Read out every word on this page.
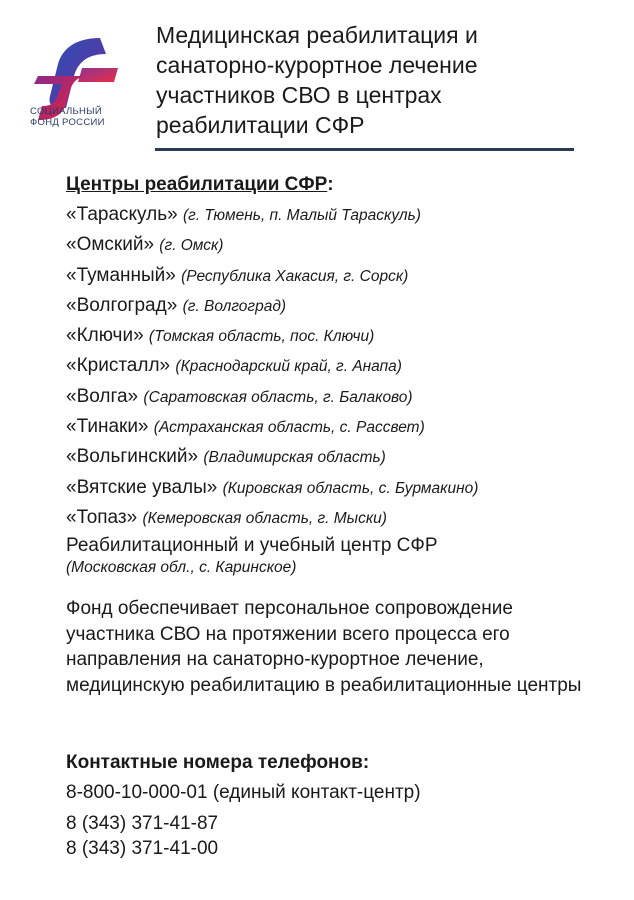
СОЦИАЛЬНЫЙ
ФОНД РОССИИ
Медицинская реабилитация и
санаторно-курортное лечение
участников СВО в центрах
реабилитации СФР
Центры реабилитации СФР:
«Тараскуль» (г. Тюмень, п. Малый Тараскуль)
«Омский» (г. Омск)
«Туманный» (Республика Хакасия, г. Сорск)
«Волгоград» (г. Волгоград)
«Ключи» (Томская область, пос. Ключи)
«Кристалл» (Краснодарский край, г. Анапа)
«Волга» (Саратовская область, г. Балаково)
«Тинаки» (Астраханская область, с. Рассвет)
«Вольгинский» (Владимирская область)
«Вятские увалы» (Кировская область, с. Бурмакино)
«Топаз» (Кемеровская область, г. Мыски)
Реабилитационный и учебный центр СФР
(Московская обл., с. Каринское)
Фонд обеспечивает персональное сопровождение участника СВО на протяжении всего процесса его направления на санаторно-курортное лечение, медицинскую реабилитацию в реабилитационные центры
Контактные номера телефонов:
8-800-10-000-01 (единый контакт-центр)
8 (343) 371-41-87
8 (343) 371-41-00
